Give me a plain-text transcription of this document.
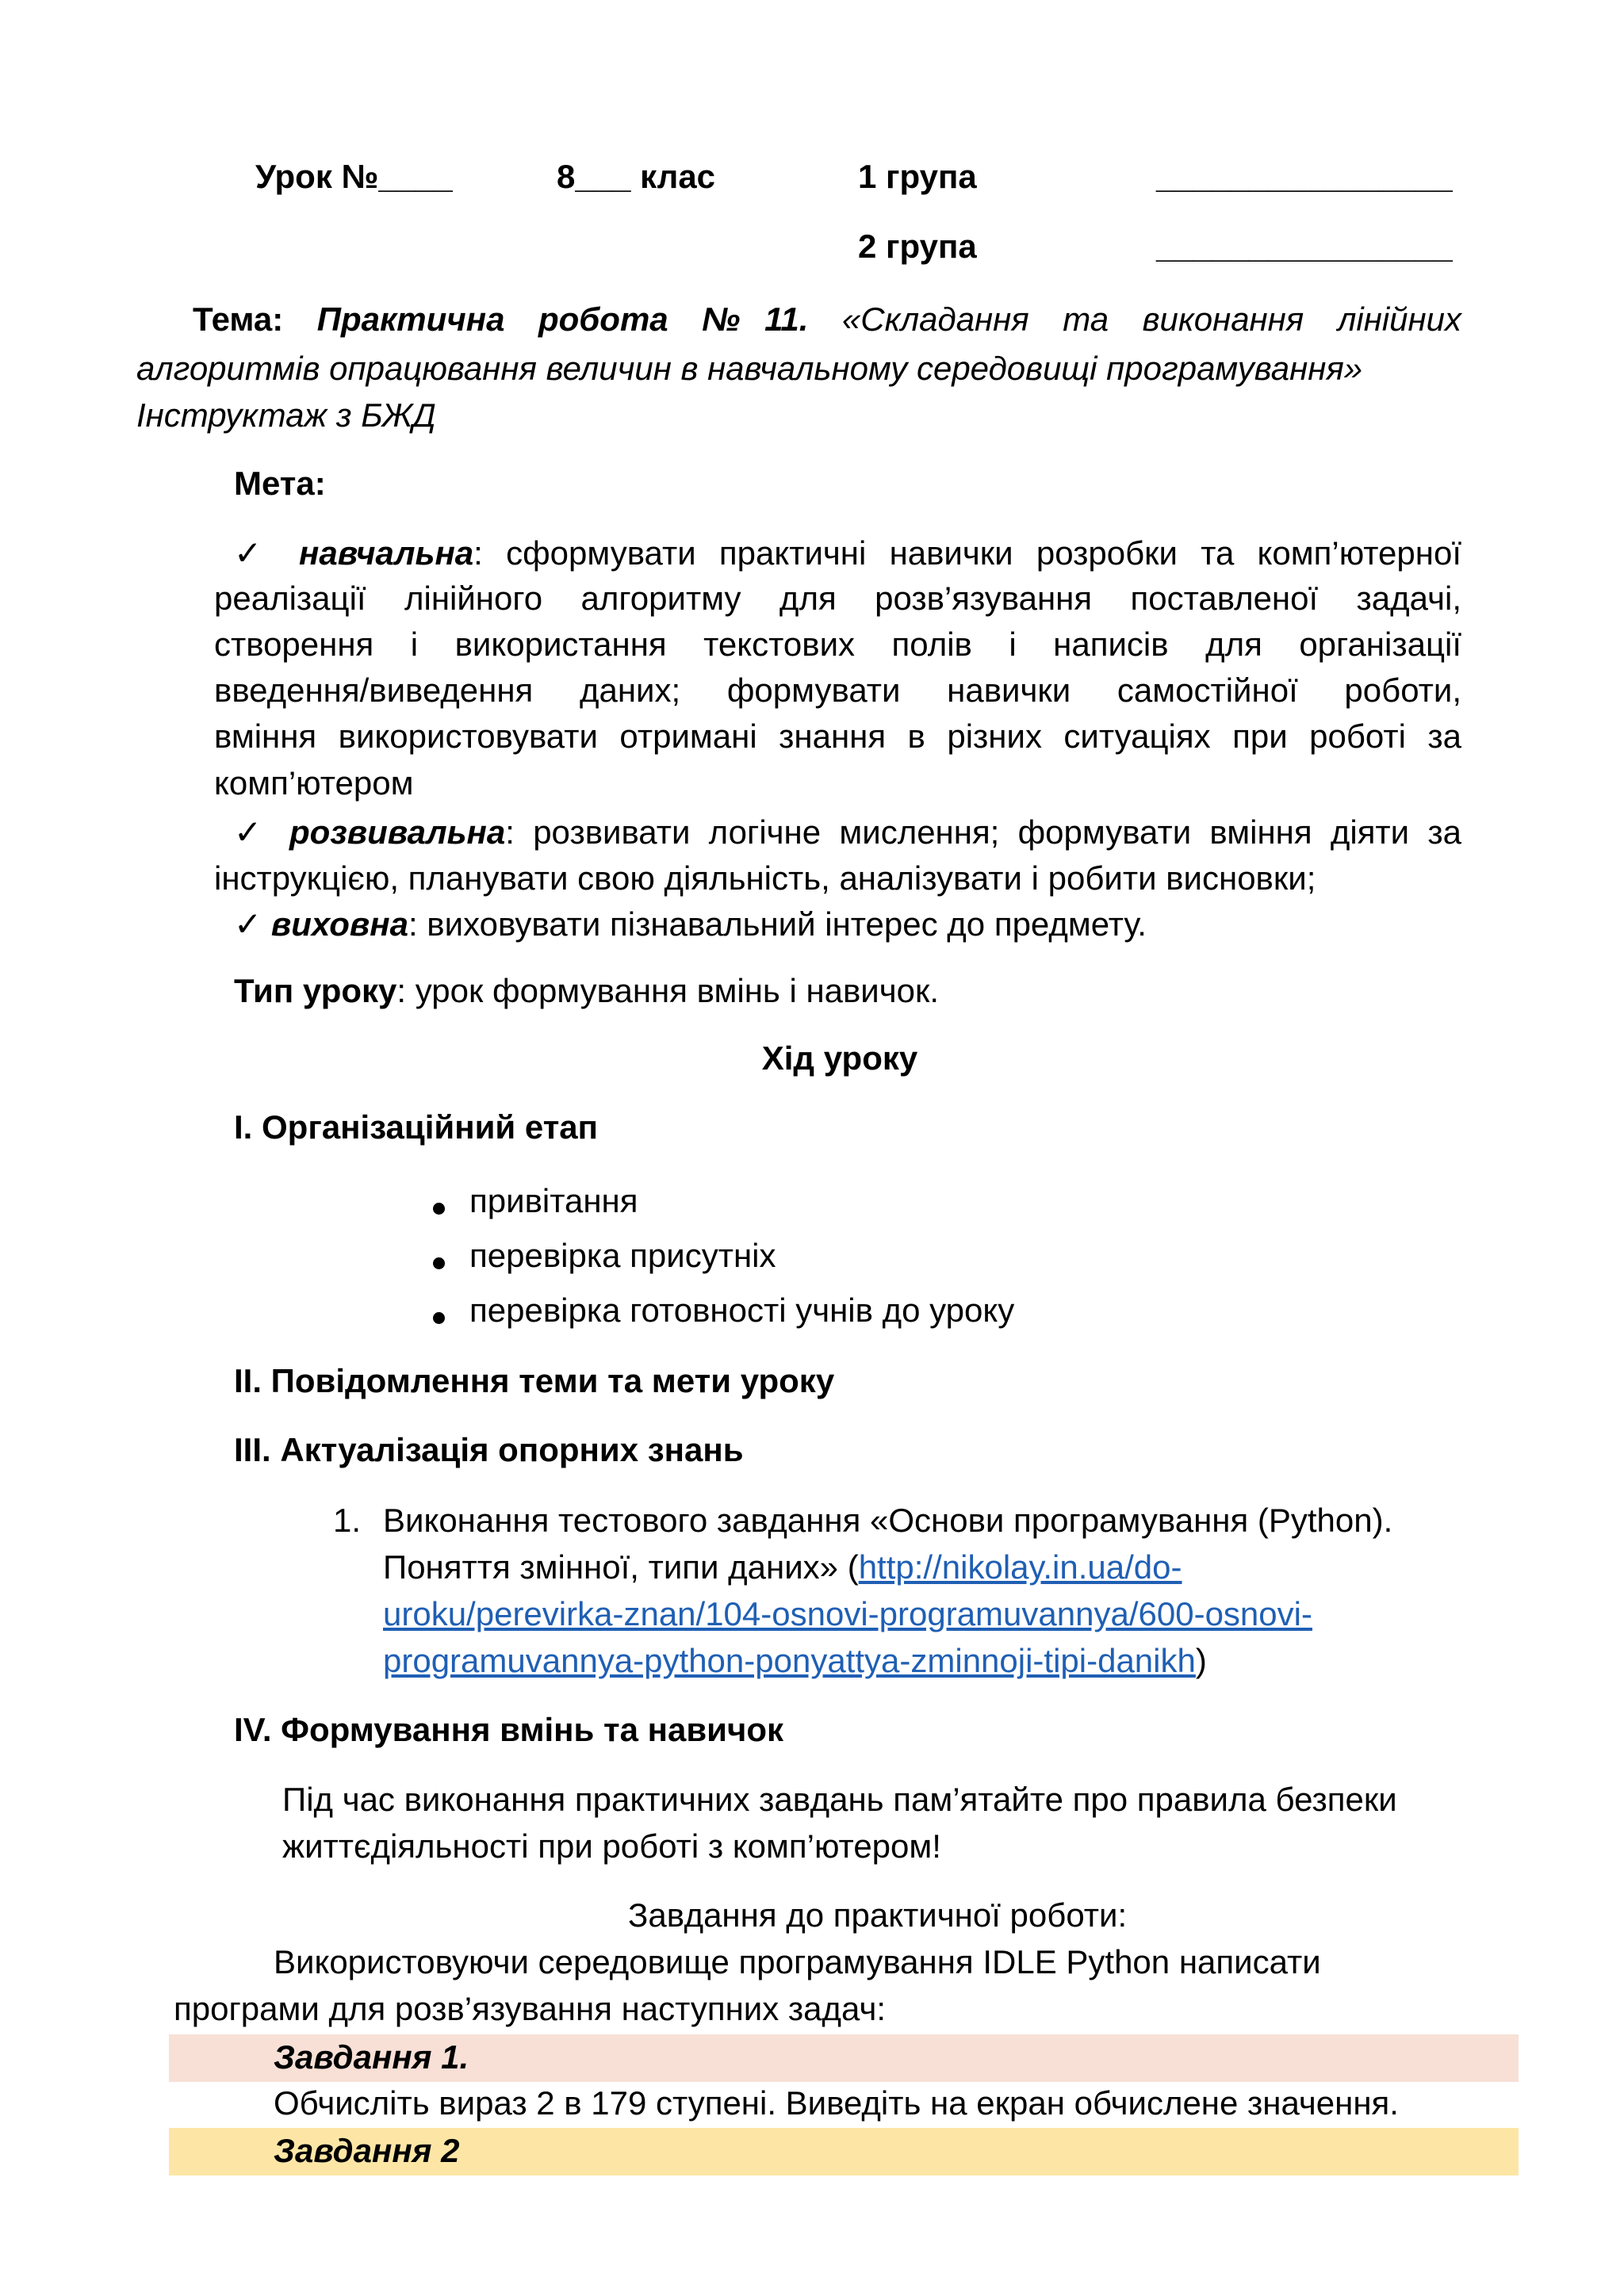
Урок №____	8___ клас	1 група	________________
2 група	________________
Тема: Практична робота №11. «Складання та виконання лінійних
алгоритмів опрацювання величин в навчальному середовищі програмування»
Інструктаж з БЖД
Мета:
✓ навчальна: сформувати практичні навички розробки та комп’ютерної
реалізації лінійного алгоритму для розв’язування поставленої задачі,
створення і використання текстових полів і написів для організації
введення/виведення даних; формувати навички самостійної роботи,
вміння використовувати отримані знання в різних ситуаціях при роботі за
комп’ютером
✓ розвивальна: розвивати логічне мислення; формувати вміння діяти за
інструкцією, планувати свою діяльність, аналізувати і робити висновки;
✓ виховна: виховувати пізнавальний інтерес до предмету.
Тип уроку: урок формування вмінь і навичок.
Хід уроку
I. Організаційний етап
привітання
перевірка присутніх
перевірка готовності учнів до уроку
II. Повідомлення теми та мети уроку
III. Актуалізація опорних знань
1. Виконання тестового завдання «Основи програмування (Python).
Поняття змінної, типи даних» (http://nikolay.in.ua/do-
uroku/perevirka-znan/104-osnovi-programuvannya/600-osnovi-
programuvannya-python-ponyattya-zminnoji-tipi-danikh)
IV. Формування вмінь та навичок
Під час виконання практичних завдань пам’ятайте про правила безпеки
життєдіяльності при роботі з комп’ютером!
Завдання до практичної роботи:
Використовуючи середовище програмування IDLE Python написати
програми для розв’язування наступних задач:
Завдання 1.
Обчисліть вираз 2 в 179 ступені. Виведіть на екран обчислене значення.
Завдання 2
